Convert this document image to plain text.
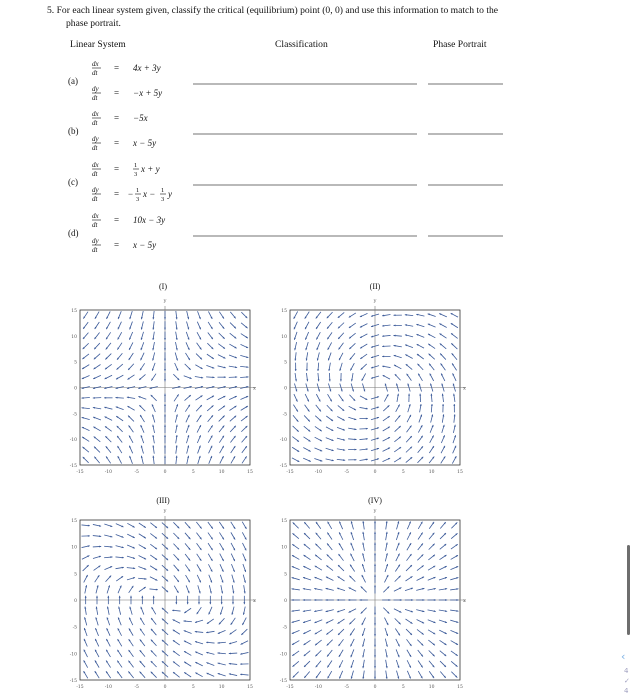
5. For each linear system given, classify the critical (equilibrium) point (0, 0) and use this information to match to the
phase portrait.
Linear System	Classification	Phase Portrait
(a)
dx
dt = 4x + 3y
dy
dt = −x + 5y
(b)
dx
dt = −5x
dy
dt = x − 5y
(c)
dx
dt = 1
3
x + y
dy
dt = − 1
3
x − 1
3
y
(d)
dx
dt = 10x − 3y
dy
dt = x − 5y
(I)
y
x
15
10
5
0
-5
-10
-15
-15	-10	-5	0	5	10	15
(II)
y
x
15
10
5
0
-5
-10
-15
-15	-10	-5	0	5	10	15
(III)
y
x
15
10
5
0
-5
-10
-15
-15	-10	-5	0	5	10	15
(IV)
y
x
15
10
5
0
-5
-10
-15
-15	-10	-5	0	5	10	15
‹
4
✓
4
